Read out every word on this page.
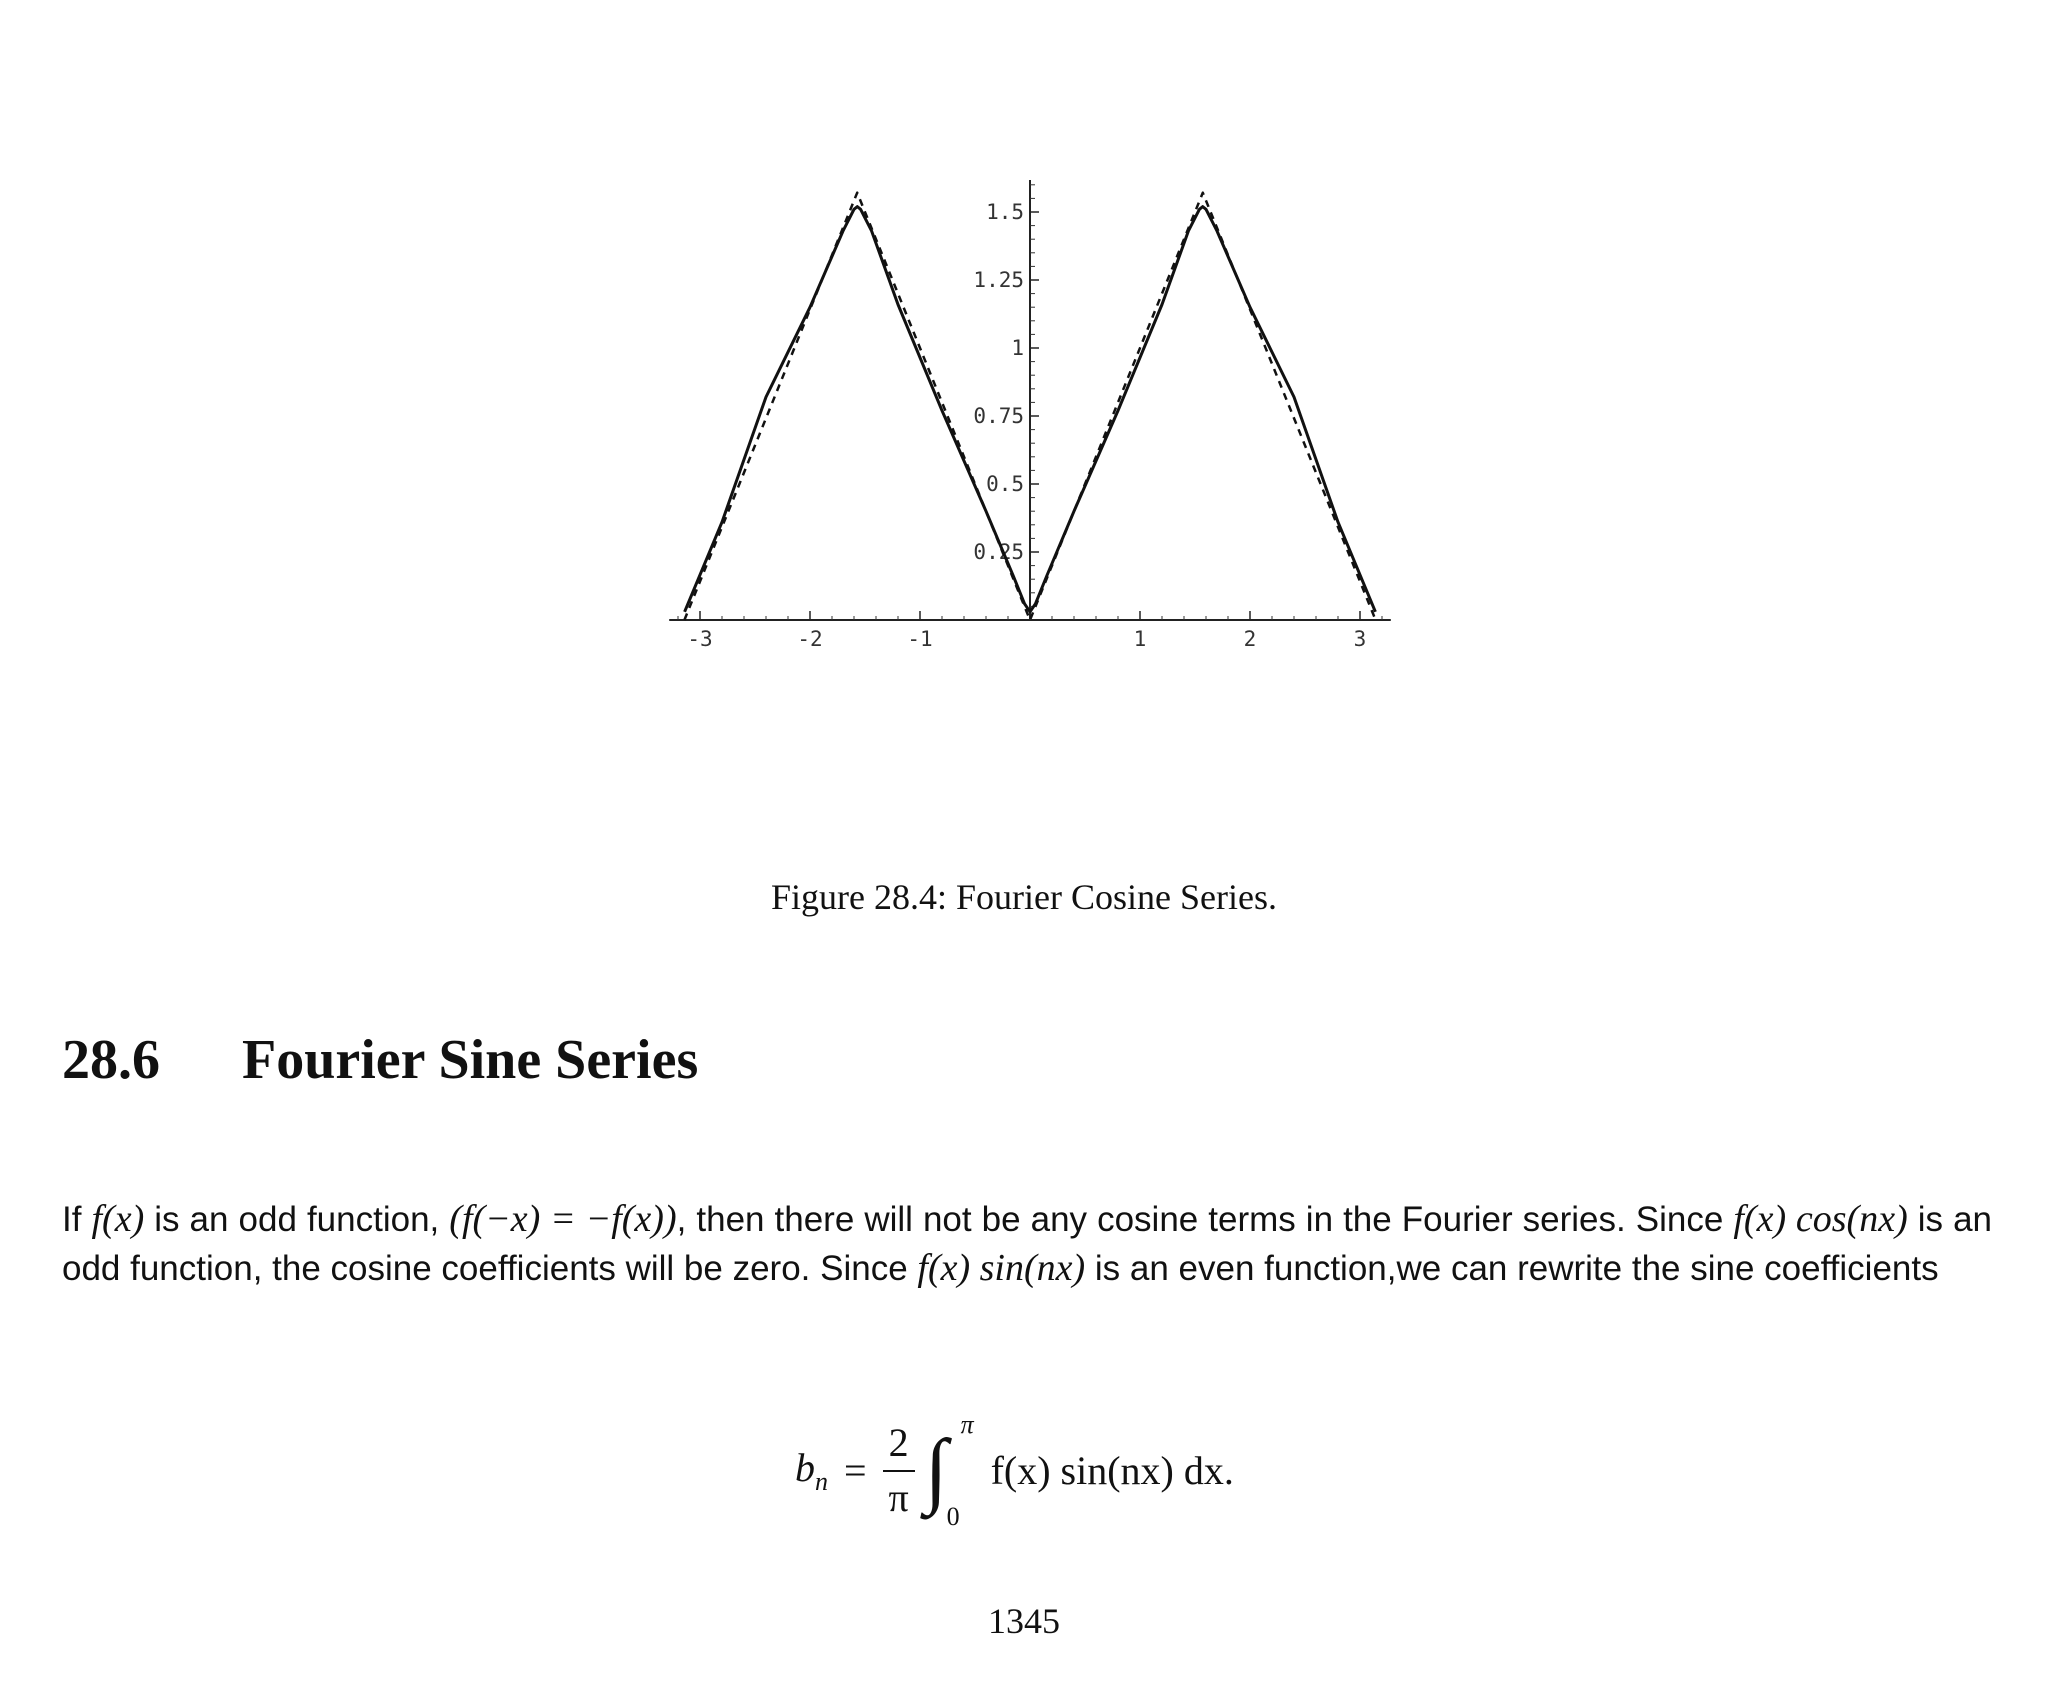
-3	-2	-1	1	2	3
0.25
0.5
0.75
1
1.25
1.5
Figure 28.4: Fourier Cosine Series.
28.6 Fourier Sine Series

If f(x) is an odd function, (f(−x) = −f(x)), then there will not be any cosine terms in the Fourier series. Since f(x) cos(nx) is an odd function, the cosine coefficients will be zero. Since f(x) sin(nx) is an even function,we can rewrite the sine coefficients

$b_n = \frac{2}{\pi}$ π
∫
0
f(x) sin(nx) dx.
1345
